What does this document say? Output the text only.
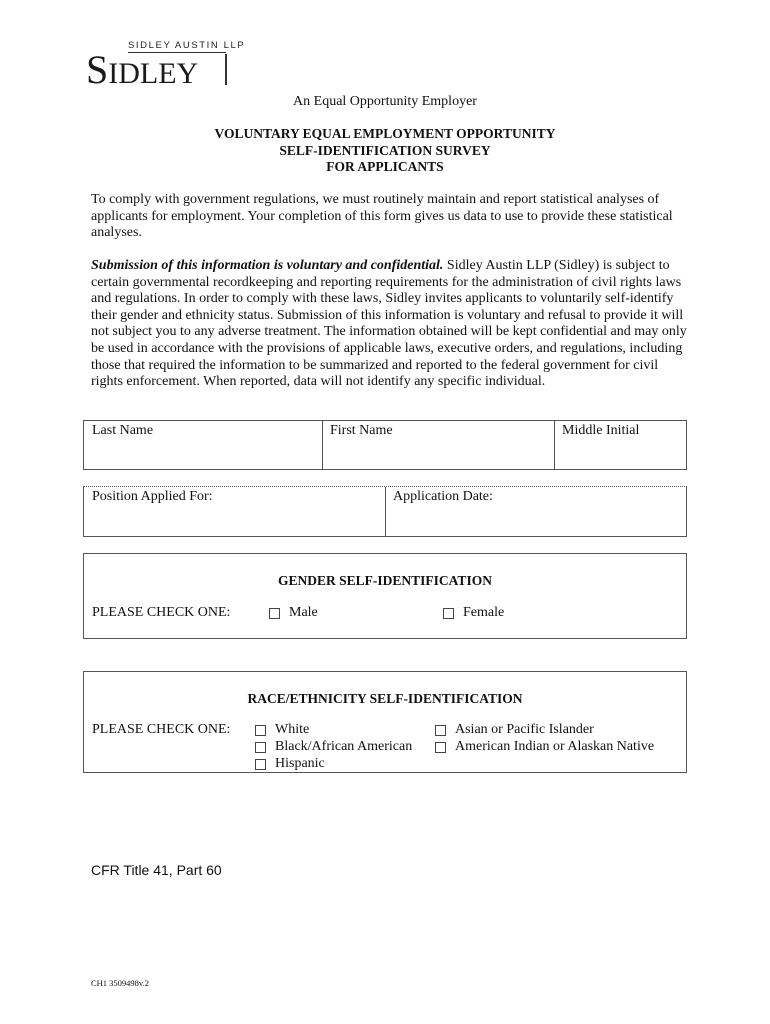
SIDLEY AUSTIN LLP
SIDLEY
An Equal Opportunity Employer
VOLUNTARY EQUAL EMPLOYMENT OPPORTUNITY
SELF-IDENTIFICATION SURVEY
FOR APPLICANTS
To comply with government regulations, we must routinely maintain and report statistical analyses of applicants for employment. Your completion of this form gives us data to use to provide these statistical analyses.
Submission of this information is voluntary and confidential. Sidley Austin LLP (Sidley) is subject to certain governmental recordkeeping and reporting requirements for the administration of civil rights laws and regulations. In order to comply with these laws, Sidley invites applicants to voluntarily self-identify their gender and ethnicity status. Submission of this information is voluntary and refusal to provide it will not subject you to any adverse treatment. The information obtained will be kept confidential and may only be used in accordance with the provisions of applicable laws, executive orders, and regulations, including those that required the information to be summarized and reported to the federal government for civil rights enforcement. When reported, data will not identify any specific individual.
Last Name	First Name	Middle Initial
Position Applied For:	Application Date:
GENDER SELF-IDENTIFICATION
PLEASE CHECK ONE:	Male	Female
RACE/ETHNICITY SELF-IDENTIFICATION
PLEASE CHECK ONE:	White
Black/African American
Hispanic
Asian or Pacific Islander
American Indian or Alaskan Native
CFR Title 41, Part 60
CH1 3509498v.2
